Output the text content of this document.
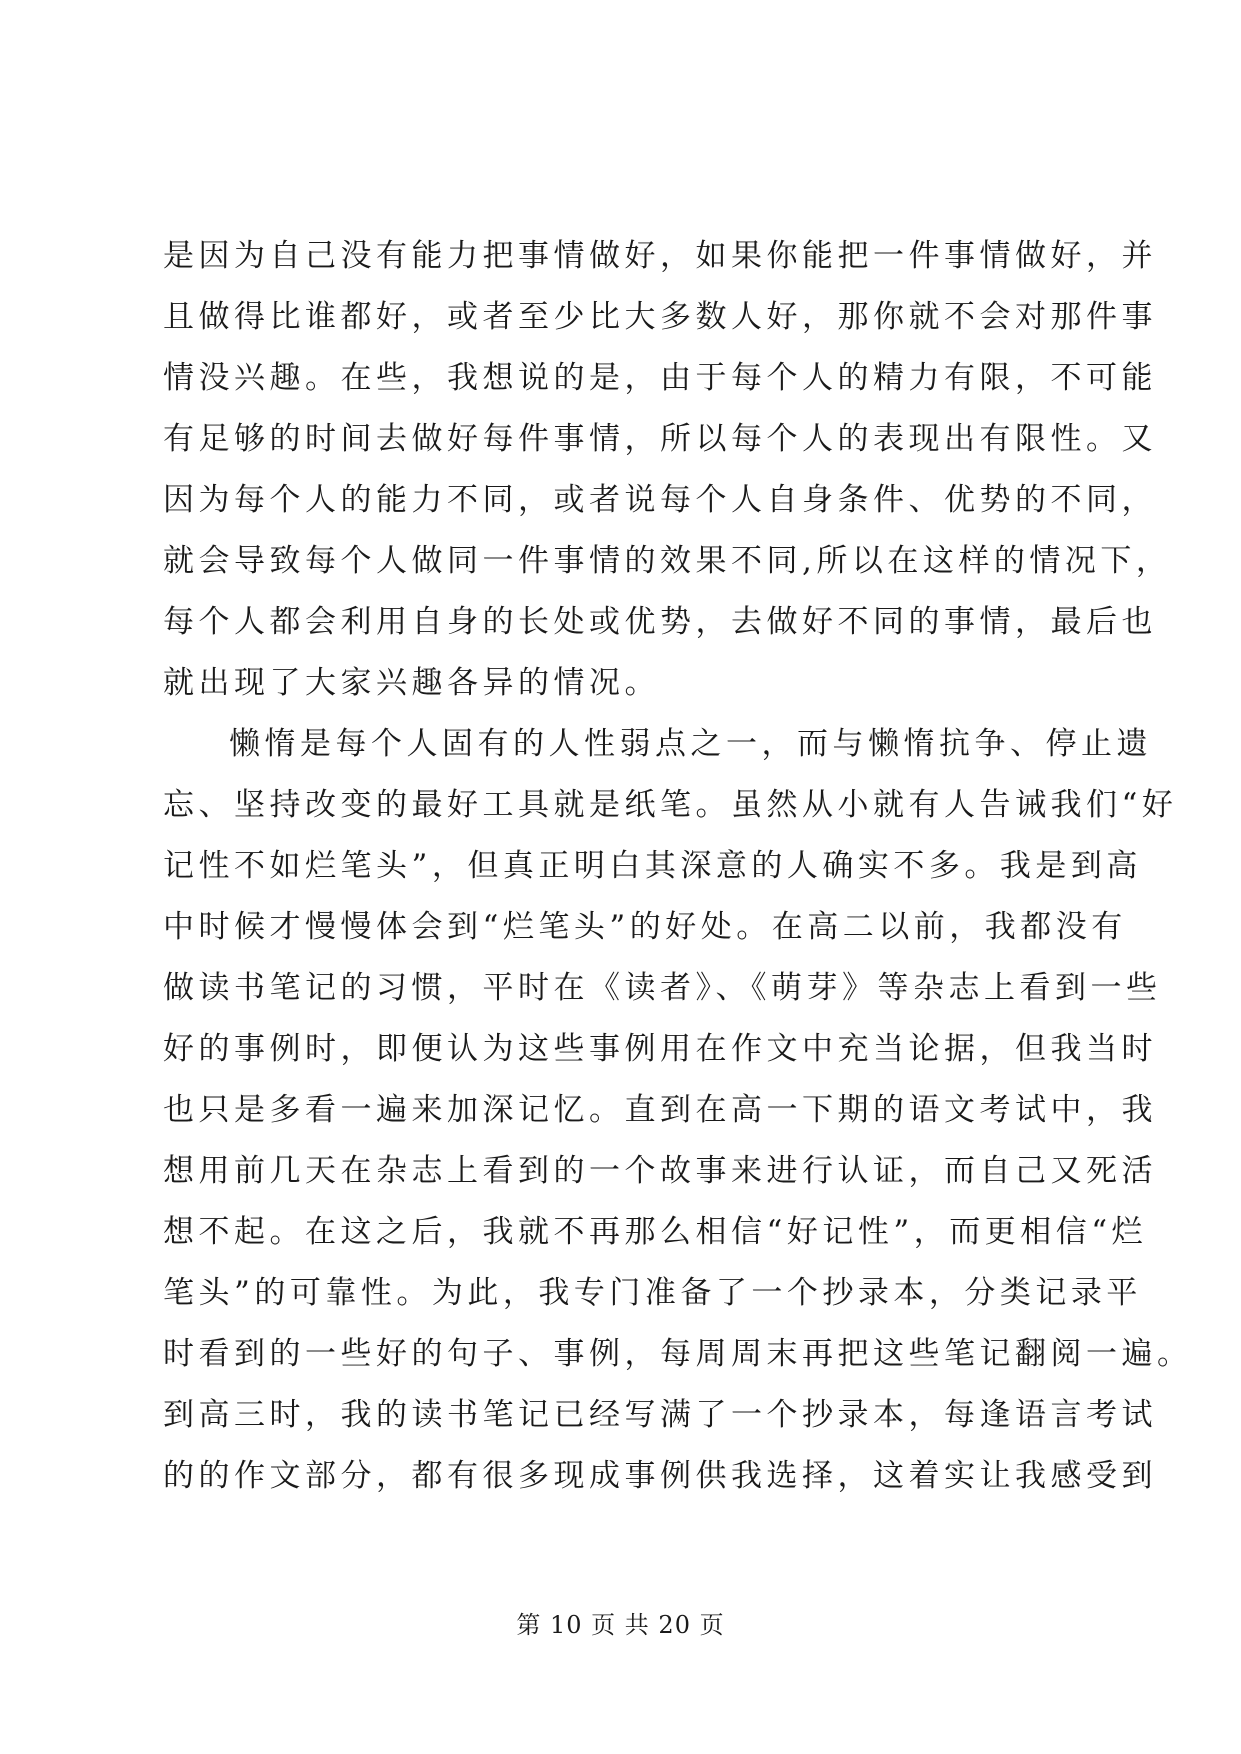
是因为自己没有能力把事情做好，如果你能把一件事情做好，并
且做得比谁都好，或者至少比大多数人好，那你就不会对那件事
情没兴趣。在些，我想说的是，由于每个人的精力有限，不可能
有足够的时间去做好每件事情，所以每个人的表现出有限性。又
因为每个人的能力不同，或者说每个人自身条件、优势的不同，
就会导致每个人做同一件事情的效果不同,所以在这样的情况下，
每个人都会利用自身的长处或优势，去做好不同的事情，最后也
就出现了大家兴趣各异的情况。
懒惰是每个人固有的人性弱点之一，而与懒惰抗争、停止遗
忘、坚持改变的最好工具就是纸笔。虽然从小就有人告诫我们“好
记性不如烂笔头”，但真正明白其深意的人确实不多。我是到高
中时候才慢慢体会到“烂笔头”的好处。在高二以前，我都没有
做读书笔记的习惯，平时在《读者》、《萌芽》等杂志上看到一些
好的事例时，即便认为这些事例用在作文中充当论据，但我当时
也只是多看一遍来加深记忆。直到在高一下期的语文考试中，我
想用前几天在杂志上看到的一个故事来进行认证，而自己又死活
想不起。在这之后，我就不再那么相信“好记性”，而更相信“烂
笔头”的可靠性。为此，我专门准备了一个抄录本，分类记录平
时看到的一些好的句子、事例，每周周末再把这些笔记翻阅一遍。
到高三时，我的读书笔记已经写满了一个抄录本，每逢语言考试
的的作文部分，都有很多现成事例供我选择，这着实让我感受到
第 10 页 共 20 页
